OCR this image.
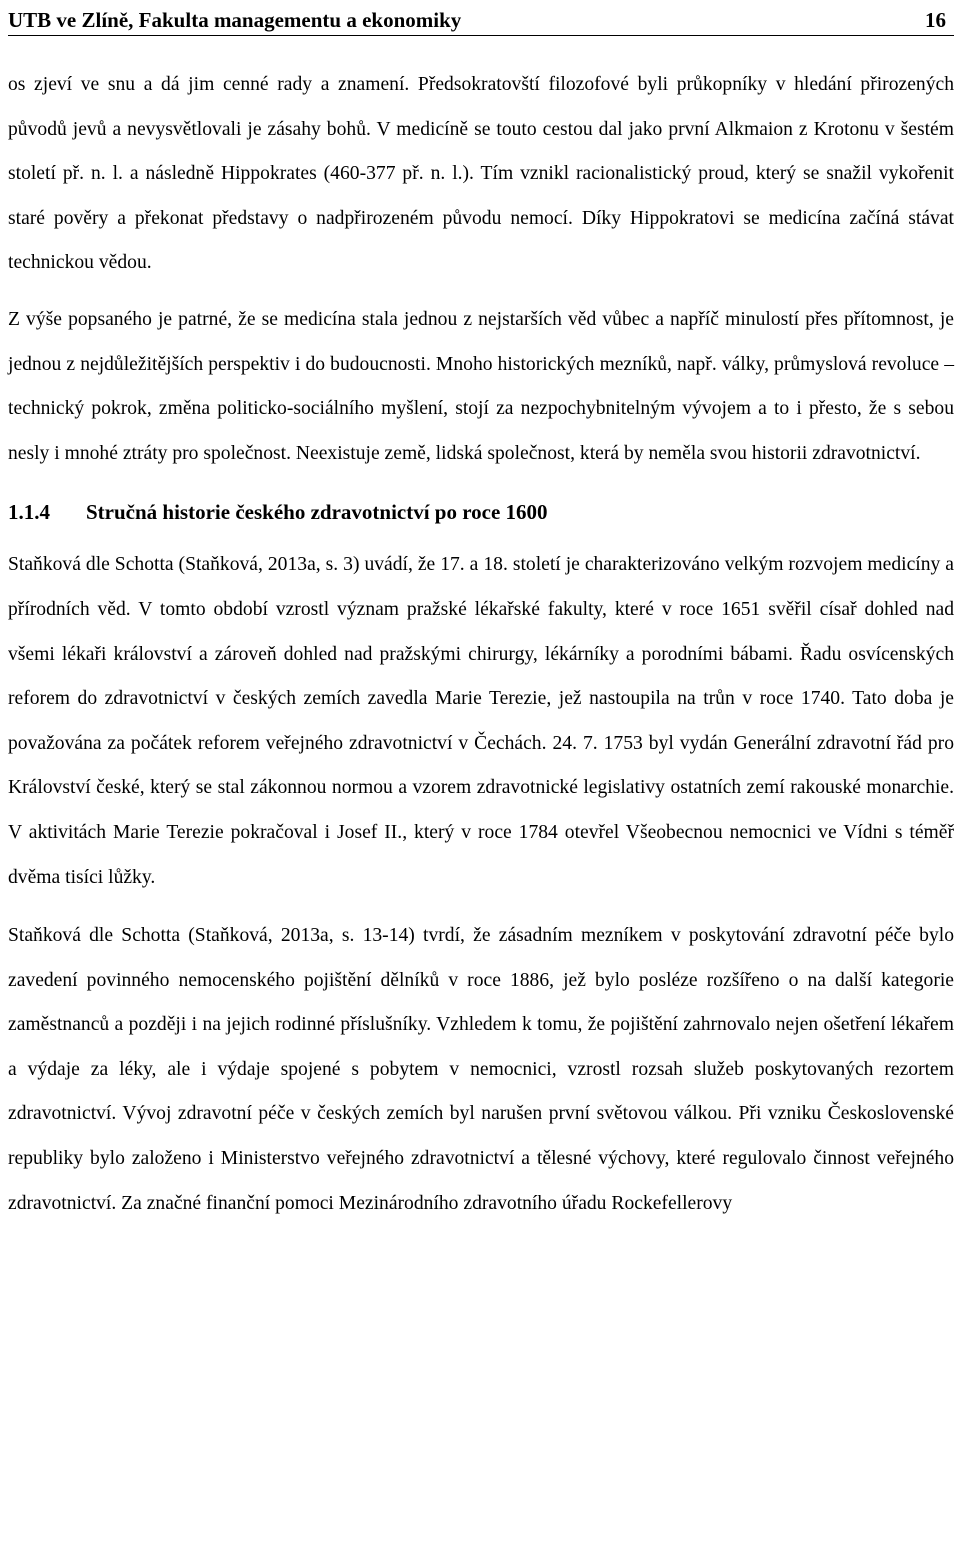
UTB ve Zlíně, Fakulta managementu a ekonomiky	16

os zjeví ve snu a dá jim cenné rady a znamení. Předsokratovští filozofové byli průkopníky v hledání přirozených původů jevů a nevysvětlovali je zásahy bohů. V medicíně se touto cestou dal jako první Alkmaion z Krotonu v šestém století př. n. l. a následně Hippokrates (460-377 př. n. l.). Tím vznikl racionalistický proud, který se snažil vykořenit staré pověry a překonat představy o nadpřirozeném původu nemocí. Díky Hippokratovi se medicína začíná stávat technickou vědou.

Z výše popsaného je patrné, že se medicína stala jednou z nejstarších věd vůbec a napříč minulostí přes přítomnost, je jednou z nejdůležitějších perspektiv i do budoucnosti. Mnoho historických mezníků, např. války, průmyslová revoluce – technický pokrok, změna politicko-sociálního myšlení, stojí za nezpochybnitelným vývojem a to i přesto, že s sebou nesly i mnohé ztráty pro společnost. Neexistuje země, lidská společnost, která by neměla svou historii zdravotnictví.

1.1.4	Stručná historie českého zdravotnictví po roce 1600

Staňková dle Schotta (Staňková, 2013a, s. 3) uvádí, že 17. a 18. století je charakterizováno velkým rozvojem medicíny a přírodních věd. V tomto období vzrostl význam pražské lékařské fakulty, které v roce 1651 svěřil císař dohled nad všemi lékaři království a zároveň dohled nad pražskými chirurgy, lékárníky a porodními bábami. Řadu osvícenských reforem do zdravotnictví v českých zemích zavedla Marie Terezie, jež nastoupila na trůn v roce 1740. Tato doba je považována za počátek reforem veřejného zdravotnictví v Čechách. 24. 7. 1753 byl vydán Generální zdravotní řád pro Království české, který se stal zákonnou normou a vzorem zdravotnické legislativy ostatních zemí rakouské monarchie. V aktivitách Marie Terezie pokračoval i Josef II., který v roce 1784 otevřel Všeobecnou nemocnici ve Vídni s téměř dvěma tisíci lůžky.

Staňková dle Schotta (Staňková, 2013a, s. 13-14) tvrdí, že zásadním mezníkem v poskytování zdravotní péče bylo zavedení povinného nemocenského pojištění dělníků v roce 1886, jež bylo posléze rozšířeno o na další kategorie zaměstnanců a později i na jejich rodinné příslušníky. Vzhledem k tomu, že pojištění zahrnovalo nejen ošetření lékařem a výdaje za léky, ale i výdaje spojené s pobytem v nemocnici, vzrostl rozsah služeb poskytovaných rezortem zdravotnictví. Vývoj zdravotní péče v českých zemích byl narušen první světovou válkou. Při vzniku Československé republiky bylo založeno i Ministerstvo veřejného zdravotnictví a tělesné výchovy, které regulovalo činnost veřejného zdravotnictví. Za značné finanční pomoci Mezinárodního zdravotního úřadu Rockefellerovy
